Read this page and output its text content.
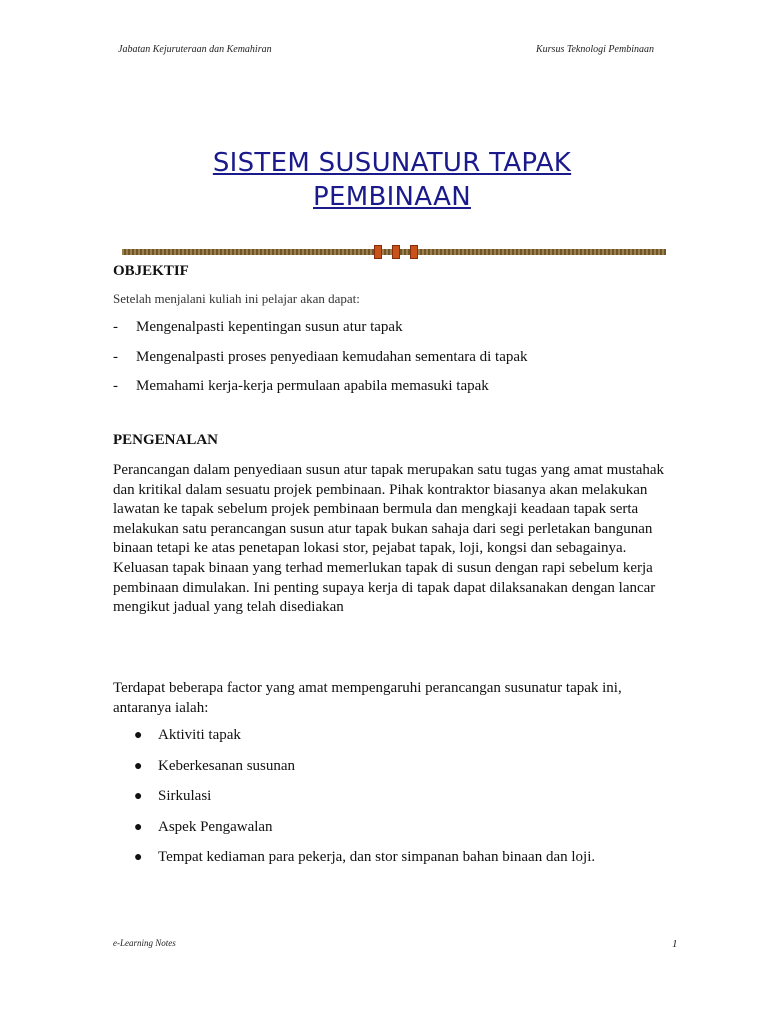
Jabatan Kejuruteraan dan Kemahiran	Kursus Teknologi Pembinaan
SISTEM SUSUNATUR TAPAK
PEMBINAAN
OBJEKTIF
Setelah menjalani kuliah ini pelajar akan dapat:
- Mengenalpasti kepentingan susun atur tapak
- Mengenalpasti proses penyediaan kemudahan sementara di tapak
- Memahami kerja-kerja permulaan apabila memasuki tapak
PENGENALAN

Perancangan dalam penyediaan susun atur tapak merupakan satu tugas yang amat mustahak dan kritikal dalam sesuatu projek pembinaan. Pihak kontraktor biasanya akan melakukan lawatan ke tapak sebelum projek pembinaan bermula dan mengkaji keadaan tapak serta melakukan satu perancangan susun atur tapak bukan sahaja dari segi perletakan bangunan binaan tetapi ke atas penetapan lokasi stor, pejabat tapak, loji, kongsi dan sebagainya. Keluasan tapak binaan yang terhad memerlukan tapak di susun dengan rapi sebelum kerja pembinaan dimulakan. Ini penting supaya kerja di tapak dapat dilaksanakan dengan lancar mengikut jadual yang telah disediakan

Terdapat beberapa factor yang amat mempengaruhi perancangan susunatur tapak ini, antaranya ialah:

● Aktiviti tapak
● Keberkesanan susunan
● Sirkulasi
● Aspek Pengawalan
● Tempat kediaman para pekerja, dan stor simpanan bahan binaan dan loji.
e-Learning Notes	1
